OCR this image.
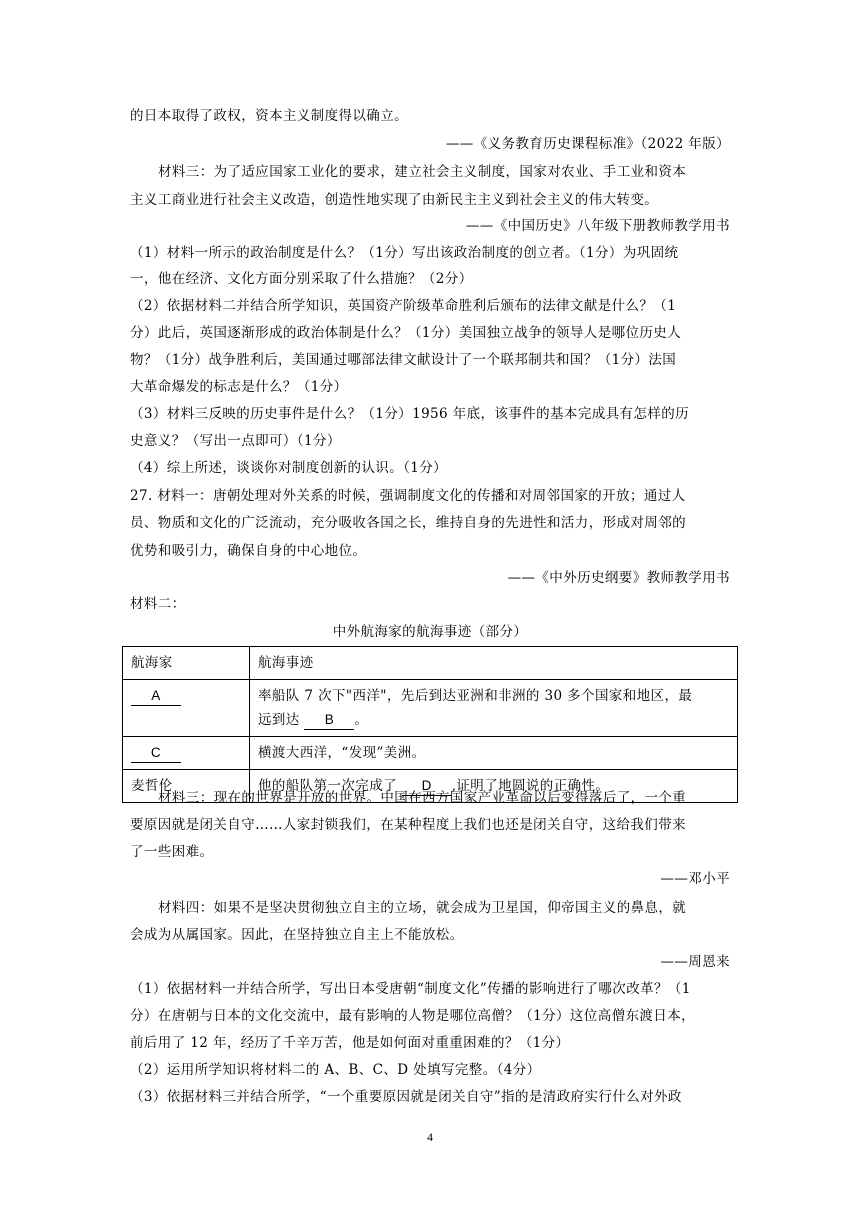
的日本取得了政权，资本主义制度得以确立。
——《义务教育历史课程标准》（2022 年版）
材料三：为了适应国家工业化的要求，建立社会主义制度，国家对农业、手工业和资本
主义工商业进行社会主义改造，创造性地实现了由新民主主义到社会主义的伟大转变。
——《中国历史》八年级下册教师教学用书
（1）材料一所示的政治制度是什么？（1分）写出该政治制度的创立者。（1分）为巩固统
一，他在经济、文化方面分别采取了什么措施？（2分）
（2）依据材料二并结合所学知识，英国资产阶级革命胜利后颁布的法律文献是什么？（1
分）此后，英国逐渐形成的政治体制是什么？（1分）美国独立战争的领导人是哪位历史人
物？（1分）战争胜利后，美国通过哪部法律文献设计了一个联邦制共和国？（1分）法国
大革命爆发的标志是什么？（1分）
（3）材料三反映的历史事件是什么？（1分）1956 年底，该事件的基本完成具有怎样的历
史意义？（写出一点即可）（1分）
（4）综上所述，谈谈你对制度创新的认识。（1分）
27. 材料一：唐朝处理对外关系的时候，强调制度文化的传播和对周邻国家的开放；通过人
员、物质和文化的广泛流动，充分吸收各国之长，维持自身的先进性和活力，形成对周邻的
优势和吸引力，确保自身的中心地位。
——《中外历史纲要》教师教学用书
材料二：
中外航海家的航海事迹（部分）
航海家	航海事迹
A	率船队 7 次下"西洋"，先后到达亚洲和非洲的 30 多个国家和地区，最
远到达 B 。
C	横渡大西洋，“发现”美洲。
麦哲伦	他的船队第一次完成了 D ,证明了地圆说的正确性。
材料三：现在的世界是开放的世界。中国在西方国家产业革命以后变得落后了，一个重
要原因就是闭关自守……人家封锁我们，在某种程度上我们也还是闭关自守，这给我们带来
了一些困难。
——邓小平
材料四：如果不是坚决贯彻独立自主的立场，就会成为卫星国，仰帝国主义的鼻息，就
会成为从属国家。因此，在坚持独立自主上不能放松。
——周恩来
（1）依据材料一并结合所学，写出日本受唐朝“制度文化”传播的影响进行了哪次改革？（1
分）在唐朝与日本的文化交流中，最有影响的人物是哪位高僧？（1分）这位高僧东渡日本，
前后用了 12 年，经历了千辛万苦，他是如何面对重重困难的？（1分）
（2）运用所学知识将材料二的 A、B、C、D 处填写完整。（4分）
（3）依据材料三并结合所学，“一个重要原因就是闭关自守”指的是清政府实行什么对外政
4
